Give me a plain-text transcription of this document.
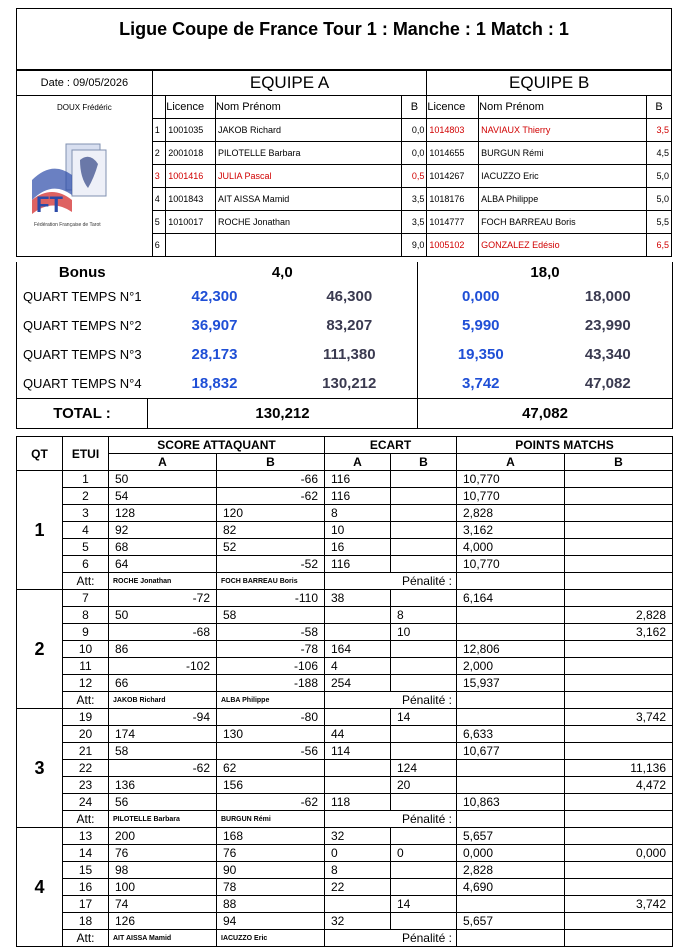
Ligue Coupe de France Tour 1 : Manche : 1 Match : 1
Date : 09/05/2026	EQUIPE A				EQUIPE B		
DOUX Frédéric		Licence	Nom Prénom	B	Licence	Nom Prénom	B
	1	1001035	JAKOB Richard	0,0	1014803	NAVIAUX Thierry	3,5
	2	2001018	PILOTELLE Barbara	0,0	1014655	BURGUN Rémi	4,5
	3	1001416	JULIA Pascal	0,5	1014267	IACUZZO Eric	5,0
	4	1001843	AIT AISSA Mamid	3,5	1018176	ALBA Philippe	5,0
	5	1010017	ROCHE Jonathan	3,5	1014777	FOCH BARREAU Boris	5,5
	6			9,0	1005102	GONZALEZ Edésio	6,5
FT
Fédération Française de Tarot
Bonus	4,0		18,0	
QUART TEMPS N°1	42,300	46,300	0,000	18,000
QUART TEMPS N°2	36,907	83,207	5,990	23,990
QUART TEMPS N°3	28,173	111,380	19,350	43,340
QUART TEMPS N°4	18,832	130,212	3,742	47,082
TOTAL :	130,212		47,082	
QT	ETUI	SCORE ATTAQUANT		ECART		POINTS MATCHS	
		A	B	A	B	A	B
1	1	50	-66	116		10,770	
	2	54	-62	116		10,770	
	3	128	120	8		2,828	
	4	92	82	10		3,162	
	5	68	52	16		4,000	
	6	64	-52	116		10,770	
	Att:	ROCHE Jonathan	FOCH BARREAU Boris	Pénalité :			
2	7	-72	-110	38		6,164	
	8	50	58		8		2,828
	9	-68	-58		10		3,162
	10	86	-78	164		12,806	
	11	-102	-106	4		2,000	
	12	66	-188	254		15,937	
	Att:	JAKOB Richard	ALBA Philippe	Pénalité :			
3	19	-94	-80		14		3,742
	20	174	130	44		6,633	
	21	58	-56	114		10,677	
	22	-62	62		124		11,136
	23	136	156		20		4,472
	24	56	-62	118		10,863	
	Att:	PILOTELLE Barbara	BURGUN Rémi	Pénalité :			
4	13	200	168	32		5,657	
	14	76	76	0	0	0,000	0,000
	15	98	90	8		2,828	
	16	100	78	22		4,690	
	17	74	88		14		3,742
	18	126	94	32		5,657	
	Att:	AIT AISSA Mamid	IACUZZO Eric	Pénalité :			
